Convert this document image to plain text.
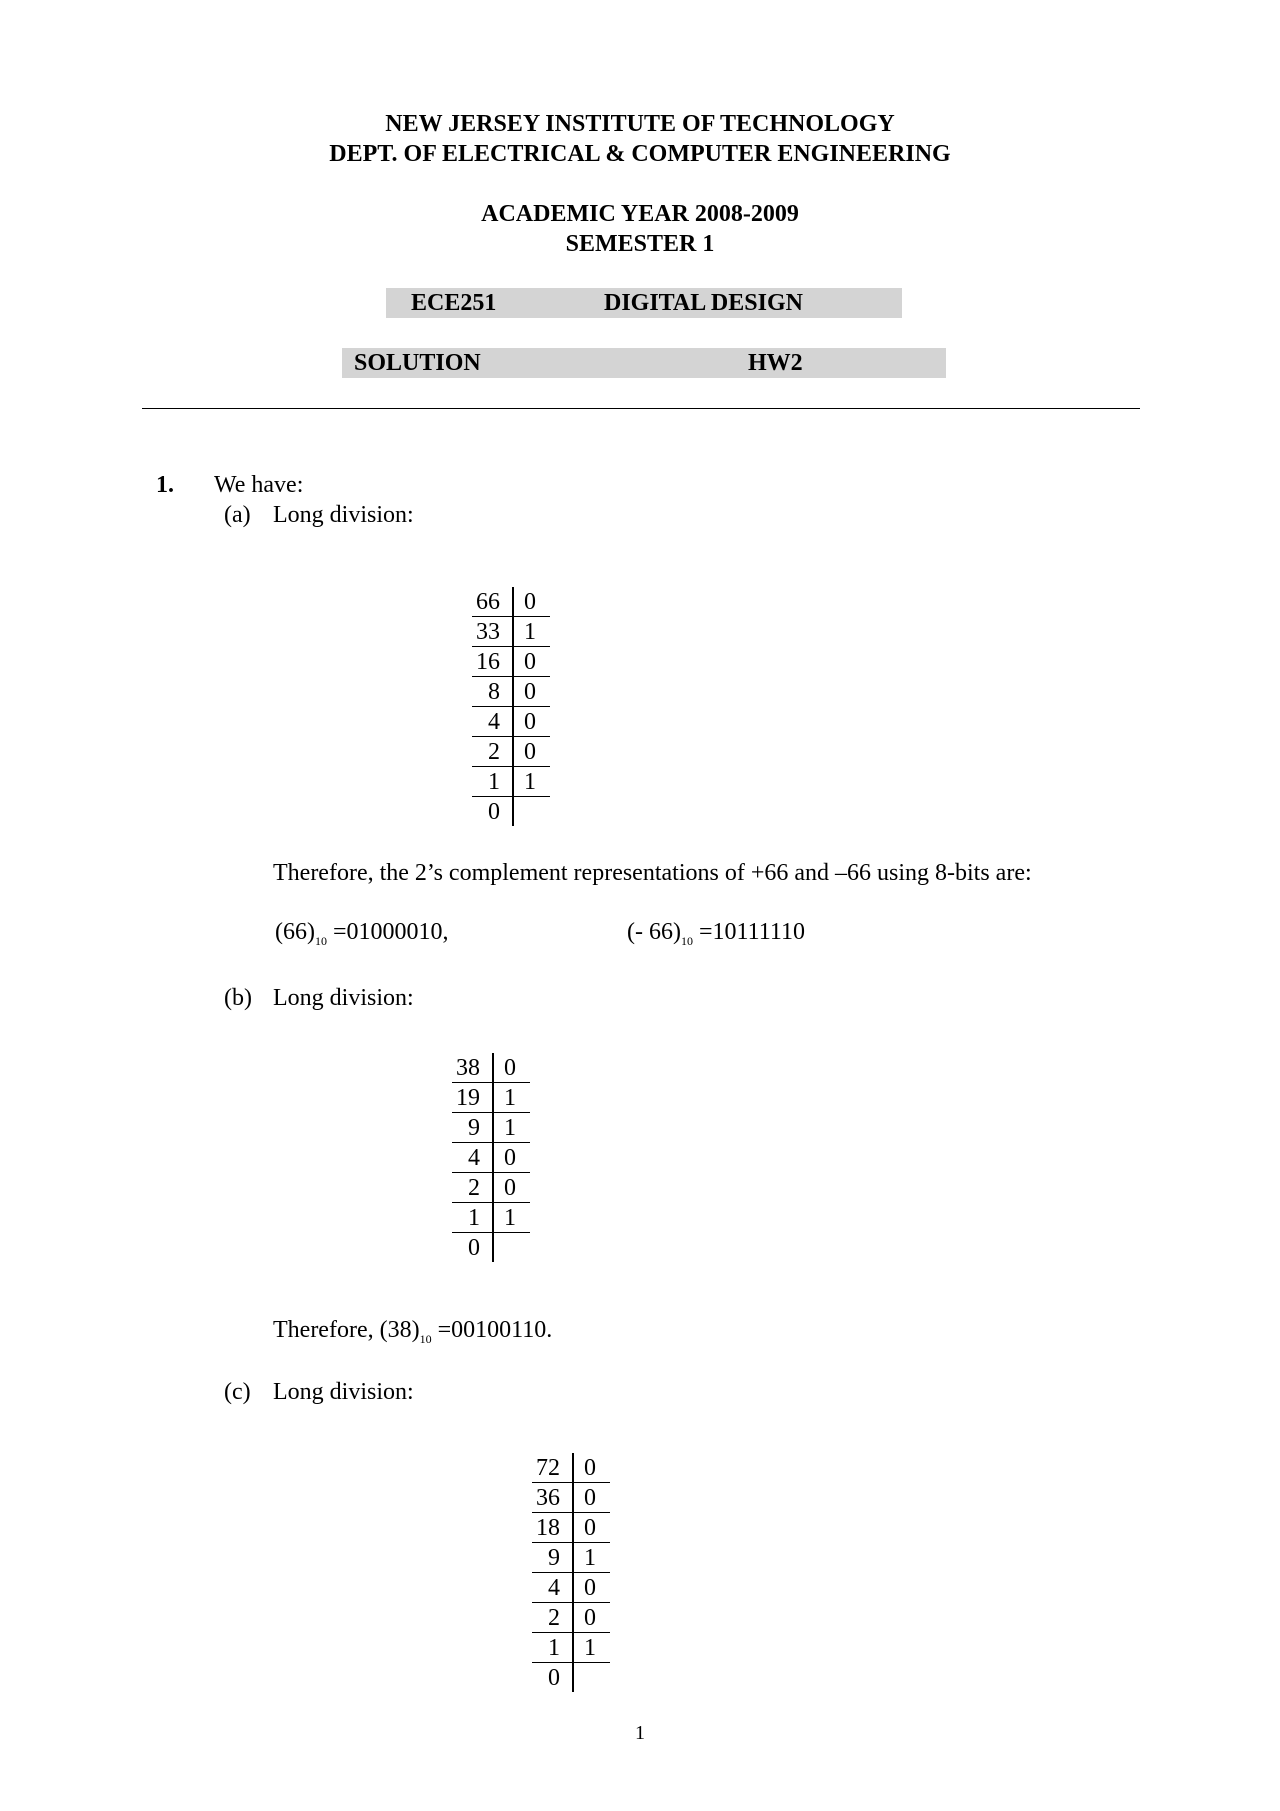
NEW JERSEY INSTITUTE OF TECHNOLOGY
DEPT. OF ELECTRICAL & COMPUTER ENGINEERING
ACADEMIC YEAR 2008-2009
SEMESTER 1
ECE251	DIGITAL DESIGN
SOLUTION	HW2
1. We have:
(a) Long division:
66	0
33	1
16	0
8	0
4	0
2	0
1	1
0	
Therefore, the 2’s complement representations of +66 and –66 using 8-bits are:
$(66)_{10} =01000010$,	(- $66)_{10} =10111110$
(b) Long division:
38	0
19	1
9	1
4	0
2	0
1	1
0	
Therefore, $(38)_{10} =00100110$.
(c) Long division:
72	0
36	0
18	0
9	1
4	0
2	0
1	1
0	
1
